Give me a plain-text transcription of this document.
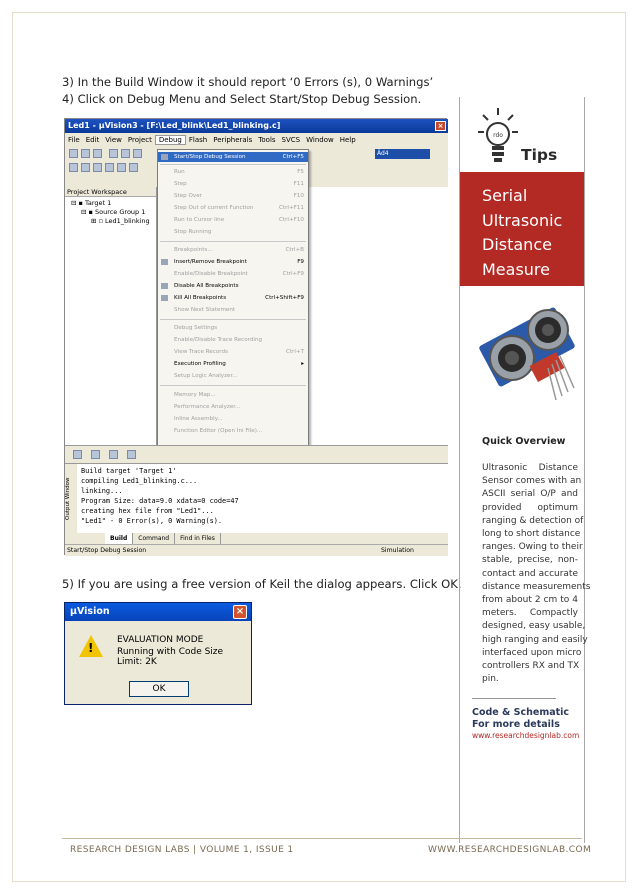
3) In the Build Window it should report ‘0 Errors (s), 0 Warnings’
4) Click on Debug Menu and Select Start/Stop Debug Session.
Led1 - µVision3 - [F:\Led_blink\Led1_blinking.c]	×
File Edit View Project	Debug	Flash Peripherals Tools SVCS Window Help
Äd4
Project Workspace
⊟ ▪ Target 1
⊟ ▪ Source Group 1
⊞ ▫ Led1_blinking
Start/Stop Debug Session	Ctrl+F5
Run	F5
Step	F11
Step Over	F10
Step Out of current Function	Ctrl+F11
Run to Cursor line	Ctrl+F10
Stop Running
Breakpoints...	Ctrl+B
Insert/Remove Breakpoint	F9
Enable/Disable Breakpoint	Ctrl+F9
Disable All Breakpoints
Kill All Breakpoints	Ctrl+Shift+F9
Show Next Statement
Debug Settings
Enable/Disable Trace Recording
View Trace Records	Ctrl+T
Execution Profiling	▸
Setup Logic Analyzer...
Memory Map...
Performance Analyzer...
Inline Assembly...
Function Editor (Open Ini File)...
Output Window
Build target 'Target 1'
compiling Led1_blinking.c...
linking...
Program Size: data=9.0 xdata=0 code=47
creating hex file from "Led1"...
"Led1" - 0 Error(s), 0 Warning(s).
Build Command Find in Files
Start/Stop Debug Session	Simulation
5) If you are using a free version of Keil the dialog appears. Click OK.
µVision	×
!
EVALUATION MODE
Running with Code Size Limit: 2K
OK
rdo
Tips
Serial
Ultrasonic
Distance
Measure
Quick Overview
Ultrasonic Distance
Sensor comes with an
ASCII serial O/P and
provided optimum
ranging & detection of
long to short distance
ranges. Owing to their
stable, precise, non-
contact and accurate
distance measurements
from about 2 cm to 4
meters. Compactly
designed, easy usable,
high ranging and easily
interfaced upon micro
controllers RX and TX
pin.
Code & Schematic
For more details
www.researchdesignlab.com
RESEARCH DESIGN LABS | VOLUME 1, ISSUE 1	WWW.RESEARCHDESIGNLAB.COM
